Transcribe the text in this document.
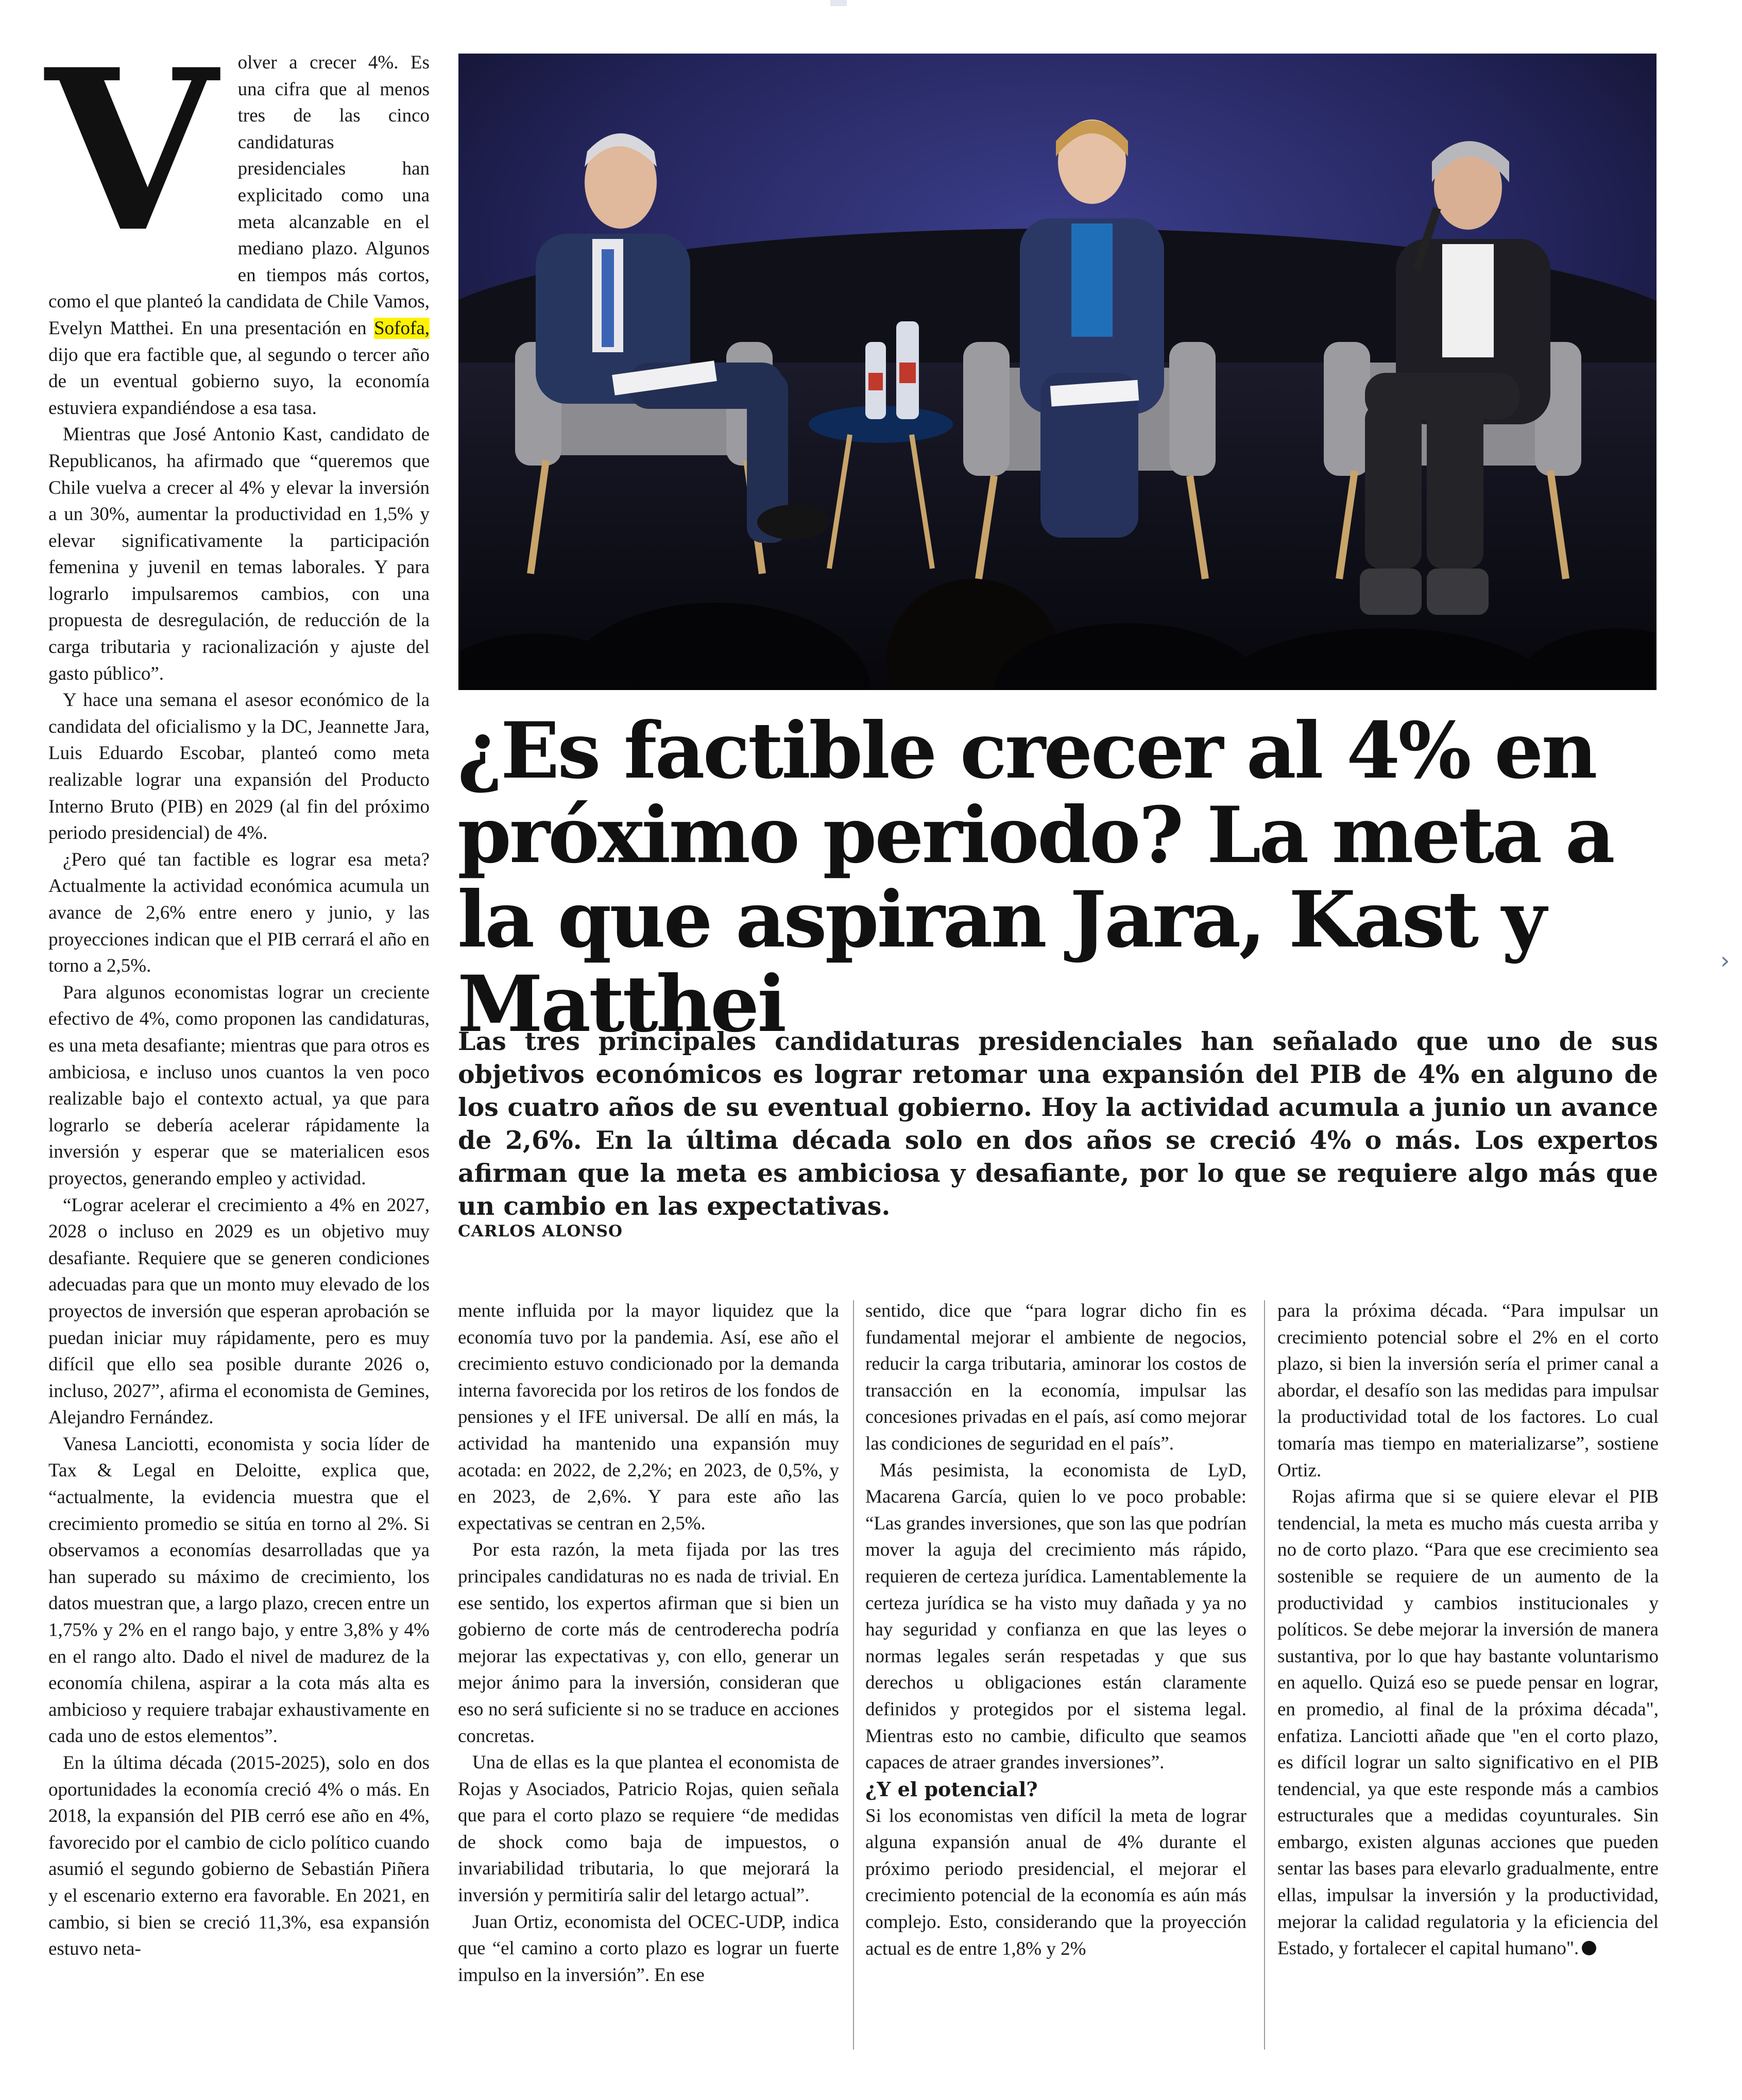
›
V	olver a crecer 4%. Es una cifra que al menos tres de las cinco candidaturas presidenciales han explicitado como una meta alcanzable en el mediano plazo. Algunos en tiempos más cortos, como el que planteó la candidata de Chile Vamos, Evelyn Matthei. En una presentación en Sofofa, dijo que era factible que, al segundo o tercer año de un eventual gobierno suyo, la economía estuviera expandiéndose a esa tasa.

Mientras que José Antonio Kast, candidato de Republicanos, ha afirmado que “queremos que Chile vuelva a crecer al 4% y elevar la inversión a un 30%, aumentar la productividad en 1,5% y elevar significativamente la participación femenina y juvenil en temas laborales. Y para lograrlo impulsaremos cambios, con una propuesta de desregulación, de reducción de la carga tributaria y racionalización y ajuste del gasto público”.

Y hace una semana el asesor económico de la candidata del oficialismo y la DC, Jeannette Jara, Luis Eduardo Escobar, planteó como meta realizable lograr una expansión del Producto Interno Bruto (PIB) en 2029 (al fin del próximo periodo presidencial) de 4%.

¿Pero qué tan factible es lograr esa meta? Actualmente la actividad económica acumula un avance de 2,6% entre enero y junio, y las proyecciones indican que el PIB cerrará el año en torno a 2,5%.

Para algunos economistas lograr un creciente efectivo de 4%, como proponen las candidaturas, es una meta desafiante; mientras que para otros es ambiciosa, e incluso unos cuantos la ven poco realizable bajo el contexto actual, ya que para lograrlo se debería acelerar rápidamente la inversión y esperar que se materialicen esos proyectos, generando empleo y actividad.

“Lograr acelerar el crecimiento a 4% en 2027, 2028 o incluso en 2029 es un objetivo muy desafiante. Requiere que se generen condiciones adecuadas para que un monto muy elevado de los proyectos de inversión que esperan aprobación se puedan iniciar muy rápidamente, pero es muy difícil que ello sea posible durante 2026 o, incluso, 2027”, afirma el economista de Gemines, Alejandro Fernández.

Vanesa Lanciotti, economista y socia líder de Tax & Legal en Deloitte, explica que, “actualmente, la evidencia muestra que el crecimiento promedio se sitúa en torno al 2%. Si observamos a economías desarrolladas que ya han superado su máximo de crecimiento, los datos muestran que, a largo plazo, crecen entre un 1,75% y 2% en el rango bajo, y entre 3,8% y 4% en el rango alto. Dado el nivel de madurez de la economía chilena, aspirar a la cota más alta es ambicioso y requiere trabajar exhaustivamente en cada uno de estos elementos”.

En la última década (2015-2025), solo en dos oportunidades la economía creció 4% o más. En 2018, la expansión del PIB cerró ese año en 4%, favorecido por el cambio de ciclo político cuando asumió el segundo gobierno de Sebastián Piñera y el escenario externo era favorable. En 2021, en cambio, si bien se creció 11,3%, esa expansión estuvo neta-

¿Es factible crecer al 4% en próximo periodo? La meta a la que aspiran Jara, Kast y Matthei

Las tres principales candidaturas presidenciales han señalado que uno de sus objetivos económicos es lograr retomar una expansión del PIB de 4% en alguno de los cuatro años de su eventual gobierno. Hoy la actividad acumula a junio un avance de 2,6%. En la última década solo en dos años se creció 4% o más. Los expertos afirman que la meta es ambiciosa y desafiante, por lo que se requiere algo más que un cambio en las expectativas.

CARLOS ALONSO

mente influida por la mayor liquidez que la economía tuvo por la pandemia. Así, ese año el crecimiento estuvo condicionado por la demanda interna favorecida por los retiros de los fondos de pensiones y el IFE universal. De allí en más, la actividad ha mantenido una expansión muy acotada: en 2022, de 2,2%; en 2023, de 0,5%, y en 2023, de 2,6%. Y para este año las expectativas se centran en 2,5%.

Por esta razón, la meta fijada por las tres principales candidaturas no es nada de trivial. En ese sentido, los expertos afirman que si bien un gobierno de corte más de centroderecha podría mejorar las expectativas y, con ello, generar un mejor ánimo para la inversión, consideran que eso no será suficiente si no se traduce en acciones concretas.

Una de ellas es la que plantea el economista de Rojas y Asociados, Patricio Rojas, quien señala que para el corto plazo se requiere “de medidas de shock como baja de impuestos, o invariabilidad tributaria, lo que mejorará la inversión y permitiría salir del letargo actual”.

Juan Ortiz, economista del OCEC-UDP, indica que “el camino a corto plazo es lograr un fuerte impulso en la inversión”. En ese

sentido, dice que “para lograr dicho fin es fundamental mejorar el ambiente de negocios, reducir la carga tributaria, aminorar los costos de transacción en la economía, impulsar las concesiones privadas en el país, así como mejorar las condiciones de seguridad en el país”.

Más pesimista, la economista de LyD, Macarena García, quien lo ve poco probable: “Las grandes inversiones, que son las que podrían mover la aguja del crecimiento más rápido, requieren de certeza jurídica. Lamentablemente la certeza jurídica se ha visto muy dañada y ya no hay seguridad y confianza en que las leyes o normas legales serán respetadas y que sus derechos u obligaciones están claramente definidos y protegidos por el sistema legal. Mientras esto no cambie, dificulto que seamos capaces de atraer grandes inversiones”.

¿Y el potencial?

Si los economistas ven difícil la meta de lograr alguna expansión anual de 4% durante el próximo periodo presidencial, el mejorar el crecimiento potencial de la economía es aún más complejo. Esto, considerando que la proyección actual es de entre 1,8% y 2%

para la próxima década. “Para impulsar un crecimiento potencial sobre el 2% en el corto plazo, si bien la inversión sería el primer canal a abordar, el desafío son las medidas para impulsar la productividad total de los factores. Lo cual tomaría mas tiempo en materializarse”, sostiene Ortiz.

Rojas afirma que si se quiere elevar el PIB tendencial, la meta es mucho más cuesta arriba y no de corto plazo. “Para que ese crecimiento sea sostenible se requiere de un aumento de la productividad y cambios institucionales y políticos. Se debe mejorar la inversión de manera sustantiva, por lo que hay bastante voluntarismo en aquello. Quizá eso se puede pensar en lograr, en promedio, al final de la próxima década", enfatiza. Lanciotti añade que "en el corto plazo, es difícil lograr un salto significativo en el PIB tendencial, ya que este responde más a cambios estructurales que a medidas coyunturales. Sin embargo, existen algunas acciones que pueden sentar las bases para elevarlo gradualmente, entre ellas, impulsar la inversión y la productividad, mejorar la calidad regulatoria y la eficiencia del Estado, y fortalecer el capital humano".
